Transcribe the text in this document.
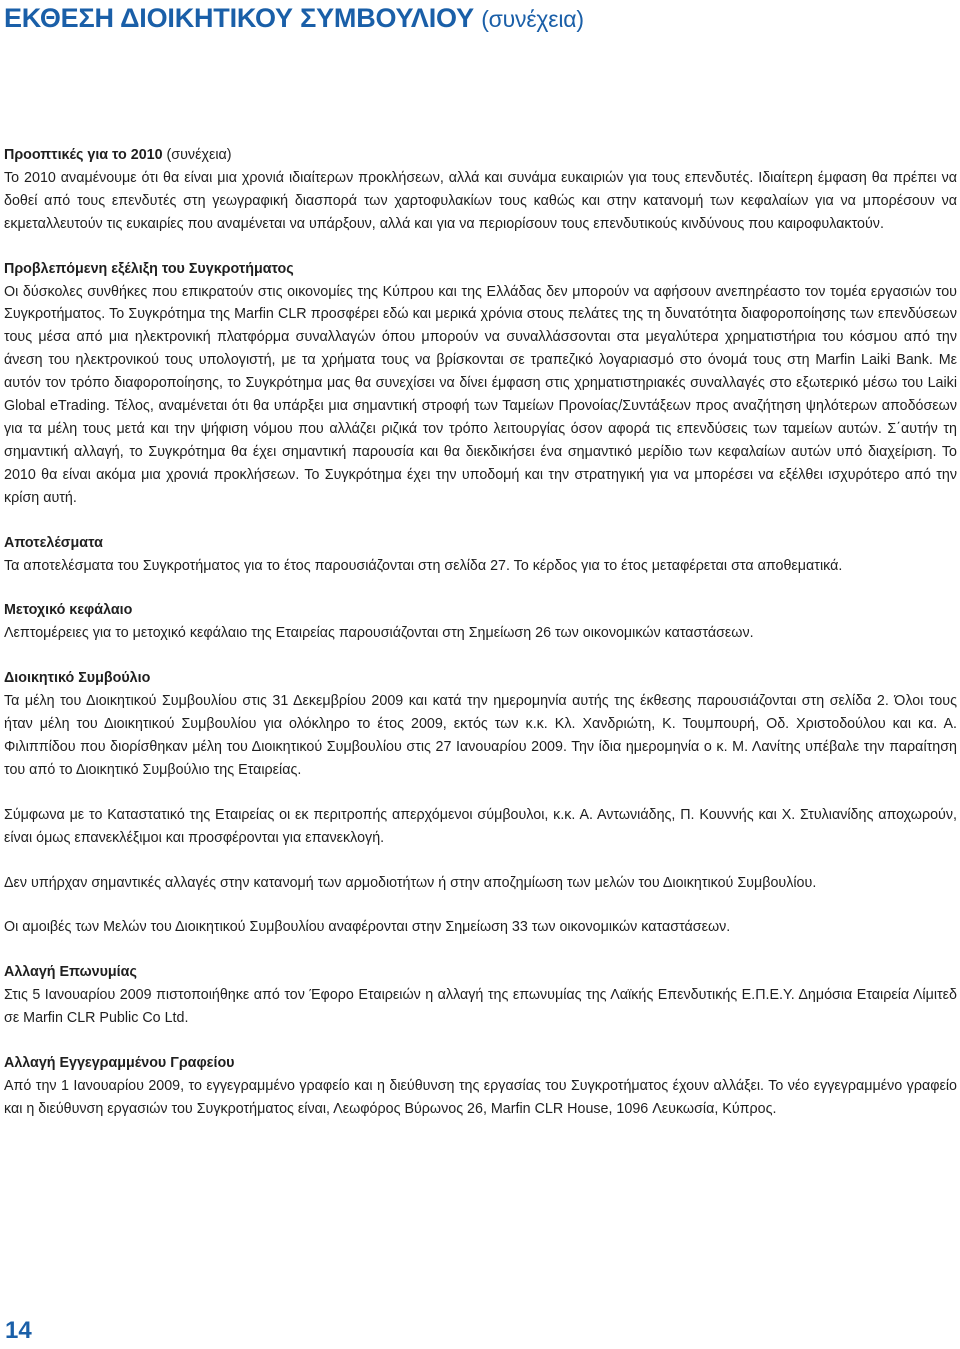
ΕΚΘΕΣΗ ΔΙΟΙΚΗΤΙΚΟΥ ΣΥΜΒΟΥΛΙΟΥ (συνέχεια)
Προοπτικές για το 2010 (συνέχεια)

Το 2010 αναμένουμε ότι θα είναι μια χρονιά ιδιαίτερων προκλήσεων, αλλά και συνάμα ευκαιριών για τους επενδυτές. Ιδιαίτερη έμφαση θα πρέπει να δοθεί από τους επενδυτές στη γεωγραφική διασπορά των χαρτοφυλακίων τους καθώς και στην κατανομή των κεφαλαίων για να μπορέσουν να εκμεταλλευτούν τις ευκαιρίες που αναμένεται να υπάρξουν, αλλά και για να περιορίσουν τους επενδυτικούς κινδύνους που καιροφυλακτούν.

Προβλεπόμενη εξέλιξη του Συγκροτήματος

Οι δύσκολες συνθήκες που επικρατούν στις οικονομίες της Κύπρου και της Ελλάδας δεν μπορούν να αφήσουν ανεπηρέαστο τον τομέα εργασιών του Συγκροτήματος. Το Συγκρότημα της Marfin CLR προσφέρει εδώ και μερικά χρόνια στους πελάτες της τη δυνατότητα διαφοροποίησης των επενδύσεων τους μέσα από μια ηλεκτρονική πλατφόρμα συναλλαγών όπου μπορούν να συναλλάσσονται στα μεγαλύτερα χρηματιστήρια του κόσμου από την άνεση του ηλεκτρονικού τους υπολογιστή, με τα χρήματα τους να βρίσκονται σε τραπεζικό λογαριασμό στο όνομά τους στη Marfin Laiki Bank. Με αυτόν τον τρόπο διαφοροποίησης, το Συγκρότημα μας θα συνεχίσει να δίνει έμφαση στις χρηματιστηριακές συναλλαγές στο εξωτερικό μέσω του Laiki Global eTrading. Τέλος, αναμένεται ότι θα υπάρξει μια σημαντική στροφή των Ταμείων Προνοίας/Συντάξεων προς αναζήτηση ψηλότερων αποδόσεων για τα μέλη τους μετά και την ψήφιση νόμου που αλλάζει ριζικά τον τρόπο λειτουργίας όσον αφορά τις επενδύσεις των ταμείων αυτών. Σ΄αυτήν τη σημαντική αλλαγή, το Συγκρότημα θα έχει σημαντική παρουσία και θα διεκδικήσει ένα σημαντικό μερίδιο των κεφαλαίων αυτών υπό διαχείριση. Το 2010 θα είναι ακόμα μια χρονιά προκλήσεων. Το Συγκρότημα έχει την υποδομή και την στρατηγική για να μπορέσει να εξέλθει ισχυρότερο από την κρίση αυτή.

Αποτελέσματα

Τα αποτελέσματα του Συγκροτήματος για το έτος παρουσιάζονται στη σελίδα 27. Το κέρδος για το έτος μεταφέρεται στα αποθεματικά.

Μετοχικό κεφάλαιο

Λεπτομέρειες για το μετοχικό κεφάλαιο της Εταιρείας παρουσιάζονται στη Σημείωση 26 των οικονομικών καταστάσεων.

Διοικητικό Συμβούλιο

Τα μέλη του Διοικητικού Συμβουλίου στις 31 Δεκεμβρίου 2009 και κατά την ημερομηνία αυτής της έκθεσης παρουσιάζονται στη σελίδα 2. Όλοι τους ήταν μέλη του Διοικητικού Συμβουλίου για ολόκληρο το έτος 2009, εκτός των κ.κ. Κλ. Χανδριώτη, Κ. Τουμπουρή, Οδ. Χριστοδούλου και κα. Α. Φιλιππίδου που διορίσθηκαν μέλη του Διοικητικού Συμβουλίου στις 27 Ιανουαρίου 2009. Την ίδια ημερομηνία ο κ. Μ. Λανίτης υπέβαλε την παραίτηση του από το Διοικητικό Συμβούλιο της Εταιρείας.

Σύμφωνα με το Καταστατικό της Εταιρείας οι εκ περιτροπής απερχόμενοι σύμβουλοι, κ.κ. Α. Αντωνιάδης, Π. Κουννής και Χ. Στυλιανίδης αποχωρούν, είναι όμως επανεκλέξιμοι και προσφέρονται για επανεκλογή.

Δεν υπήρχαν σημαντικές αλλαγές στην κατανομή των αρμοδιοτήτων ή στην αποζημίωση των μελών του Διοικητικού Συμβουλίου.

Οι αμοιβές των Μελών του Διοικητικού Συμβουλίου αναφέρονται στην Σημείωση 33 των οικονομικών καταστάσεων.

Αλλαγή Επωνυμίας

Στις 5 Ιανουαρίου 2009 πιστοποιήθηκε από τον Έφορο Εταιρειών η αλλαγή της επωνυμίας της Λαϊκής Επενδυτικής Ε.Π.Ε.Υ. Δημόσια Εταιρεία Λίμιτεδ σε Marfin CLR Public Co Ltd.

Αλλαγή Εγγεγραμμένου Γραφείου

Από την 1 Ιανουαρίου 2009, το εγγεγραμμένο γραφείο και η διεύθυνση της εργασίας του Συγκροτήματος έχουν αλλάξει. Το νέο εγγεγραμμένο γραφείο και η διεύθυνση εργασιών του Συγκροτήματος είναι, Λεωφόρος Βύρωνος 26, Marfin CLR House, 1096 Λευκωσία, Κύπρος.

14
